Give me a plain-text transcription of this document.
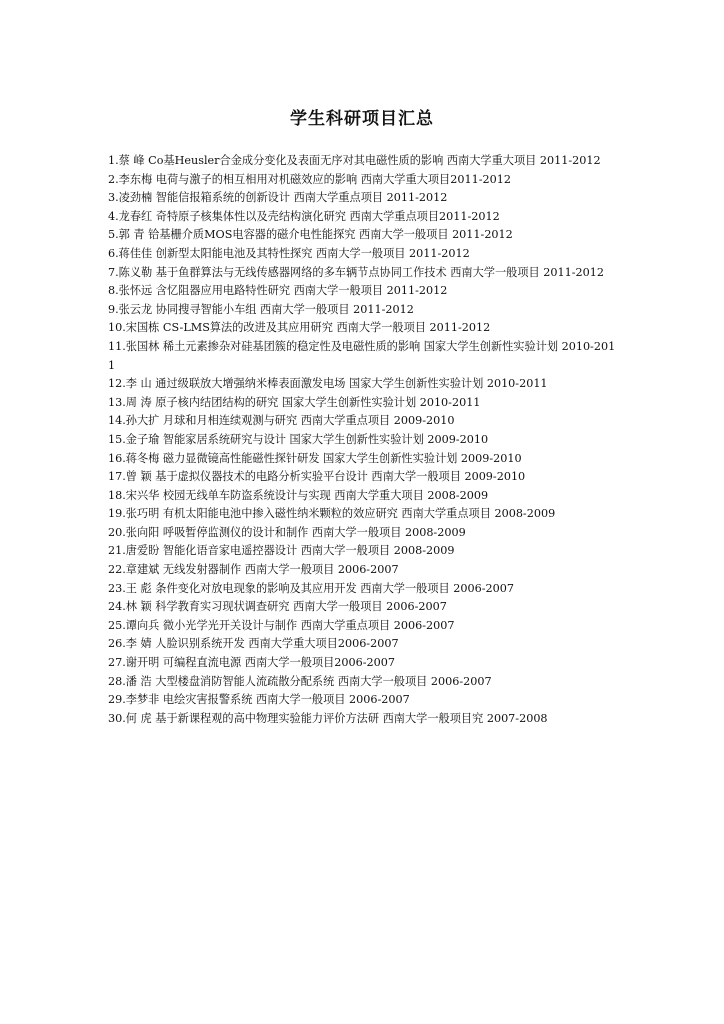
学生科研项目汇总
1.蔡 峰 Co基Heusler合金成分变化及表面无序对其电磁性质的影响 西南大学重大项目 2011-2012
2.李东梅 电荷与激子的相互相用对机磁效应的影响 西南大学重大项目2011-2012
3.凌劲楠 智能信报箱系统的创新设计 西南大学重点项目 2011-2012
4.龙春红 奇特原子核集体性以及壳结构演化研究 西南大学重点项目2011-2012
5.郭 青 铪基栅介质MOS电容器的磁介电性能探究 西南大学一般项目 2011-2012
6.蒋佳佳 创新型太阳能电池及其特性探究 西南大学一般项目 2011-2012
7.陈义勒 基于鱼群算法与无线传感器网络的多车辆节点协同工作技术 西南大学一般项目 2011-2012
8.张怀远 含忆阻器应用电路特性研究 西南大学一般项目 2011-2012
9.张云龙 协同搜寻智能小车组 西南大学一般项目 2011-2012
10.宋国栋 CS-LMS算法的改进及其应用研究 西南大学一般项目 2011-2012
11.张国林 稀土元素掺杂对硅基团簇的稳定性及电磁性质的影响 国家大学生创新性实验计划 2010-2011
12.李 山 通过级联放大增强纳米棒表面激发电场 国家大学生创新性实验计划 2010-2011
13.周 涛 原子核内结团结构的研究 国家大学生创新性实验计划 2010-2011
14.孙大扩 月球和月相连续观测与研究 西南大学重点项目 2009-2010
15.金子瑜 智能家居系统研究与设计 国家大学生创新性实验计划 2009-2010
16.蒋冬梅 磁力显微镜高性能磁性探针研发 国家大学生创新性实验计划 2009-2010
17.曾 颖 基于虚拟仪器技术的电路分析实验平台设计 西南大学一般项目 2009-2010
18.宋兴华 校园无线单车防盗系统设计与实现 西南大学重大项目 2008-2009
19.张巧明 有机太阳能电池中掺入磁性纳米颗粒的效应研究 西南大学重点项目 2008-2009
20.张向阳 呼吸暂停监测仪的设计和制作 西南大学一般项目 2008-2009
21.唐爱盼 智能化语音家电遥控器设计 西南大学一般项目 2008-2009
22.章建斌 无线发射器制作 西南大学一般项目 2006-2007
23.王 彪 条件变化对放电现象的影响及其应用开发 西南大学一般项目 2006-2007
24.林 颖 科学教育实习现状调查研究 西南大学一般项目 2006-2007
25.谭向兵 微小光学光开关设计与制作 西南大学重点项目 2006-2007
26.李 婧 人脸识别系统开发 西南大学重大项目2006-2007
27.谢开明 可编程直流电源 西南大学一般项目2006-2007
28.潘 浩 大型楼盘消防智能人流疏散分配系统 西南大学一般项目 2006-2007
29.李梦非 电绘灾害报警系统 西南大学一般项目 2006-2007
30.何 虎 基于新课程观的高中物理实验能力评价方法研 西南大学一般项目究 2007-2008
